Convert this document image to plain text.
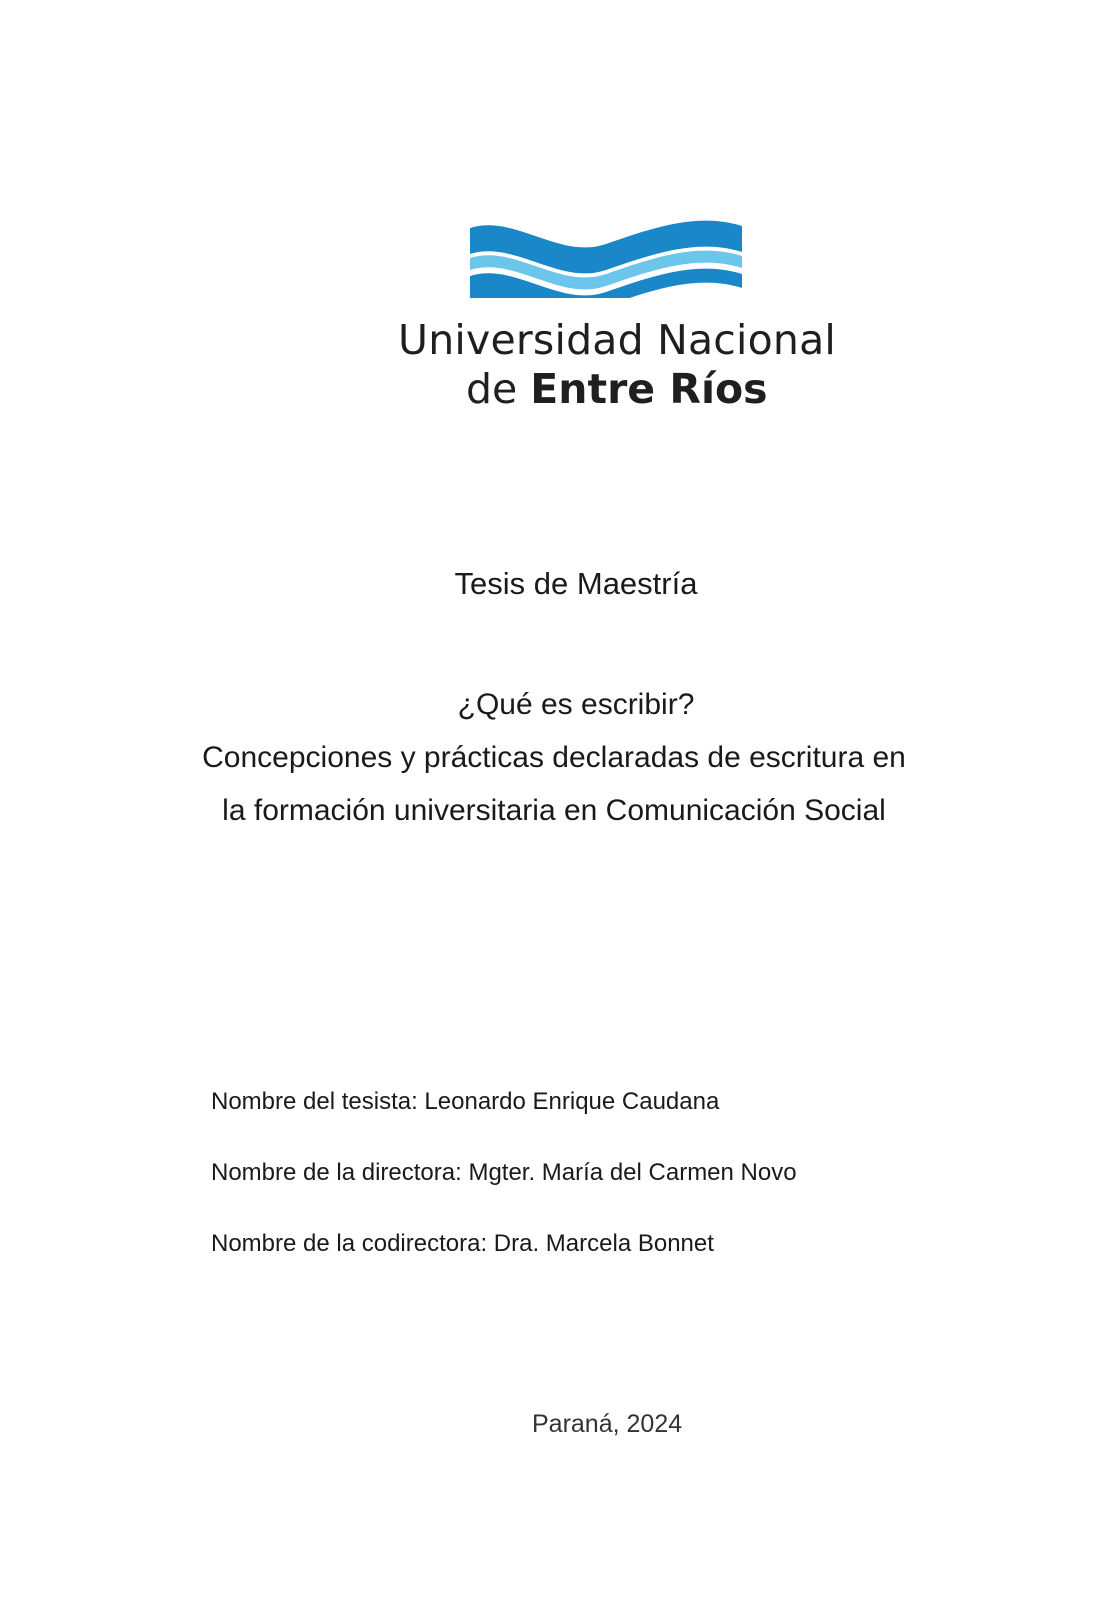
Universidad Nacional
de Entre Ríos
Tesis de Maestría
¿Qué es escribir?
Concepciones y prácticas declaradas de escritura en
la formación universitaria en Comunicación Social
Nombre del tesista: Leonardo Enrique Caudana
Nombre de la directora: Mgter. María del Carmen Novo
Nombre de la codirectora: Dra. Marcela Bonnet
Paraná, 2024
